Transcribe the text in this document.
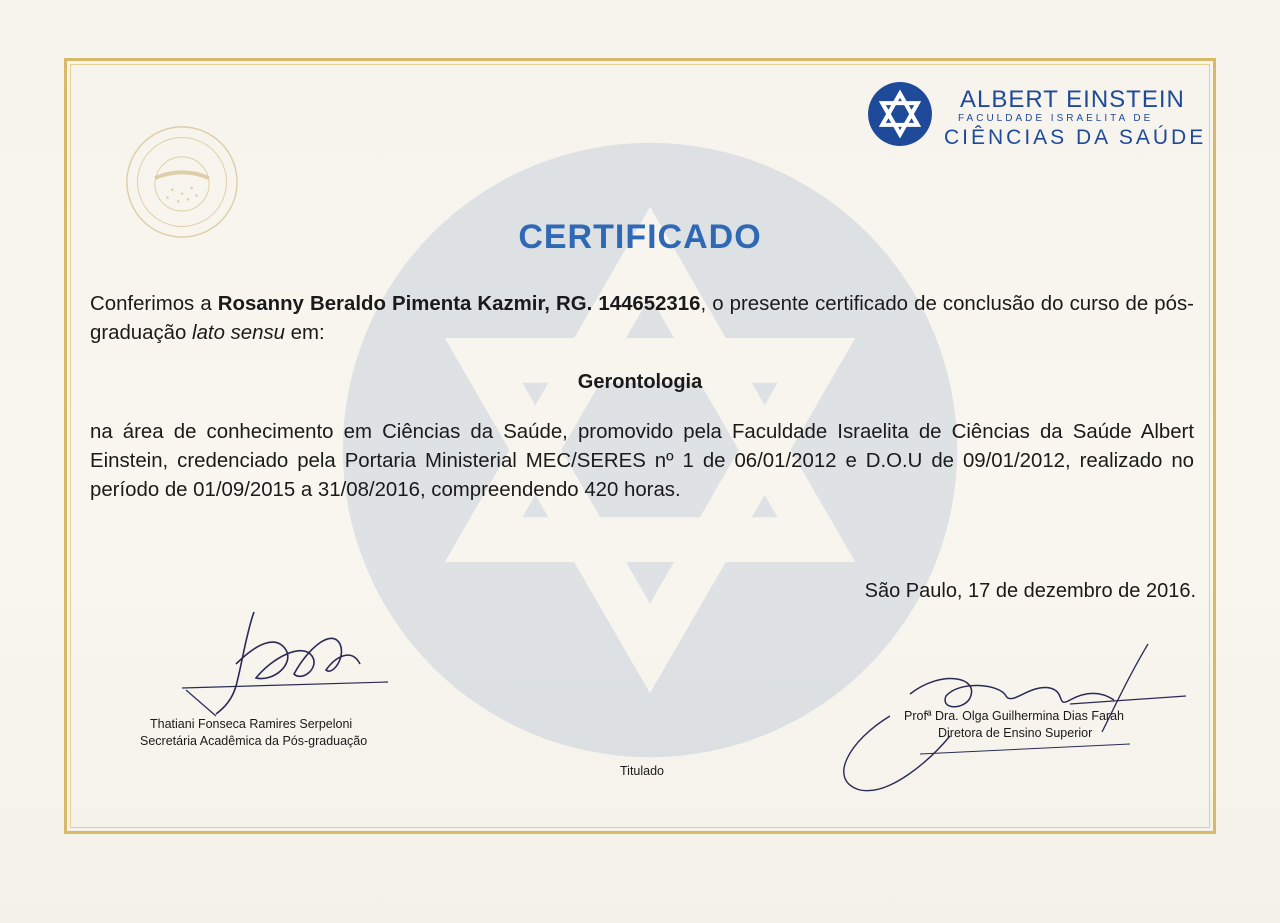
ALBERT EINSTEIN
FACULDADE ISRAELITA DE
CIÊNCIAS DA SAÚDE
CERTIFICADO
Conferimos a Rosanny Beraldo Pimenta Kazmir, RG. 144652316, o presente certificado de conclusão do curso de pós-graduação lato sensu em:
Gerontologia
na área de conhecimento em Ciências da Saúde, promovido pela Faculdade Israelita de Ciências da Saúde Albert Einstein, credenciado pela Portaria Ministerial MEC/SERES nº 1 de 06/01/2012 e D.O.U de 09/01/2012, realizado no período de 01/09/2015 a 31/08/2016, compreendendo 420 horas.
São Paulo, 17 de dezembro de 2016.
Thatiani Fonseca Ramires Serpeloni
Secretária Acadêmica da Pós-graduação
Profª Dra. Olga Guilhermina Dias Farah
Diretora de Ensino Superior
Titulado
